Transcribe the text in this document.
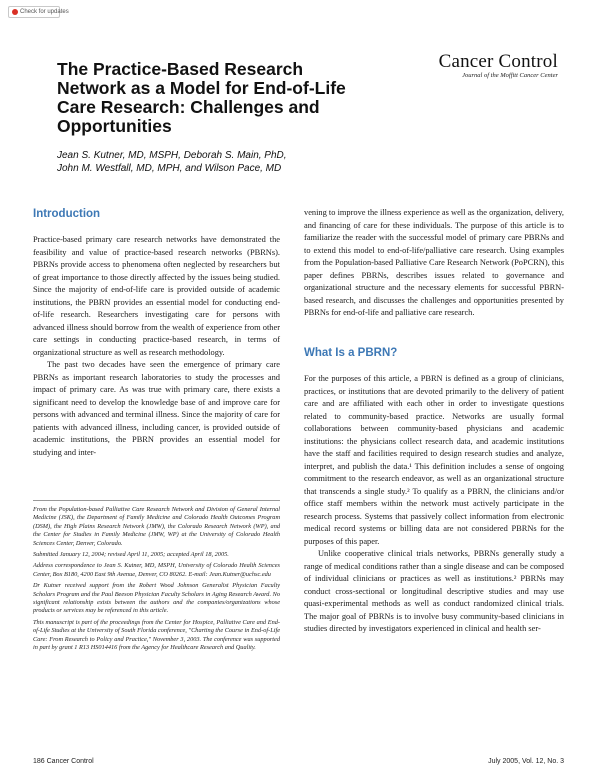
Check for updates
Cancer Control
Journal of the Moffitt Cancer Center
The Practice-Based Research Network as a Model for End-of-Life Care Research: Challenges and Opportunities
Jean S. Kutner, MD, MSPH, Deborah S. Main, PhD,
John M. Westfall, MD, MPH, and Wilson Pace, MD
Introduction

Practice-based primary care research networks have demonstrated the feasibility and value of practice-based research networks (PBRNs). PBRNs provide access to phenomena often neglected by researchers but of great importance to those directly affected by the issues being studied. Since the majority of end-of-life care is provided outside of academic institutions, the PBRN provides an essential model for conducting end-of-life research. Researchers investigating care for persons with advanced illness should borrow from the wealth of experience from other care settings in conducting practice-based research, in terms of organizational structure as well as research methodology.

The past two decades have seen the emergence of primary care PBRNs as important research laboratories to study the processes and impact of primary care. As was true with primary care, there exists a significant need to develop the knowledge base of and improve care for persons with advanced and terminal illness. Since the majority of care for patients with advanced illness, including cancer, is provided outside of academic institutions, the PBRN provides an essential model for studying and inter-

From the Population-based Palliative Care Research Network and Division of General Internal Medicine (JSK), the Department of Family Medicine and Colorado Health Outcomes Program (DSM), the High Plains Research Network (JMW), the Colorado Research Network (WP), and the Center for Studies in Family Medicine (JMW, WP) at the University of Colorado Health Sciences Center, Denver, Colorado.

Submitted January 12, 2004; revised April 11, 2005; accepted April 18, 2005.

Address correspondence to Jean S. Kutner, MD, MSPH, University of Colorado Health Sciences Center, Box B180, 4200 East 9th Avenue, Denver, CO 80262. E-mail: Jean.Kutner@uchsc.edu

Dr Kutner received support from the Robert Wood Johnson Generalist Physician Faculty Scholars Program and the Paul Beeson Physician Faculty Scholars in Aging Research Award. No significant relationship exists between the authors and the companies/organizations whose products or services may be referenced in this article.

This manuscript is part of the proceedings from the Center for Hospice, Palliative Care and End-of-Life Studies at the University of South Florida conference, "Charting the Course in End-of-Life Care: From Research to Policy and Practice," November 3, 2003. The conference was supported in part by grant 1 R13 HS014416 from the Agency for Healthcare Research and Quality.

vening to improve the illness experience as well as the organization, delivery, and financing of care for these individuals. The purpose of this article is to familiarize the reader with the successful model of primary care PBRNs and to extend this model to end-of-life/palliative care research. Using examples from the Population-based Palliative Care Research Network (PoPCRN), this paper defines PBRNs, describes issues related to governance and organizational structure and the necessary elements for successful PBRN-based research, and discusses the challenges and opportunities presented by PBRNs for end-of-life and palliative care research.

What Is a PBRN?

For the purposes of this article, a PBRN is defined as a group of clinicians, practices, or institutions that are devoted primarily to the delivery of patient care and are affiliated with each other in order to investigate questions related to community-based practice. Networks are usually formal collaborations between community-based physicians and academic institutions: the physicians collect research data, and academic institutions have the staff and facilities required to design research studies and analyze, interpret, and publish the data.¹ This definition includes a sense of ongoing commitment to the research endeavor, as well as an organizational structure that transcends a single study.² To qualify as a PBRN, the clinicians and/or office staff members within the network must actively participate in the research process. Systems that passively collect information from electronic medical record systems or billing data are not considered PBRNs for the purposes of this paper.

Unlike cooperative clinical trials networks, PBRNs generally study a range of medical conditions rather than a single disease and can be composed of individual clinicians or practices as well as institutions.² PBRNs may conduct cross-sectional or longitudinal descriptive studies and may use quasi-experimental methods as well as conduct randomized clinical trials. The major goal of PBRNs is to involve busy community-based clinicians in studies directed by investigators experienced in clinical and health ser-

186 Cancer Control	July 2005, Vol. 12, No. 3
